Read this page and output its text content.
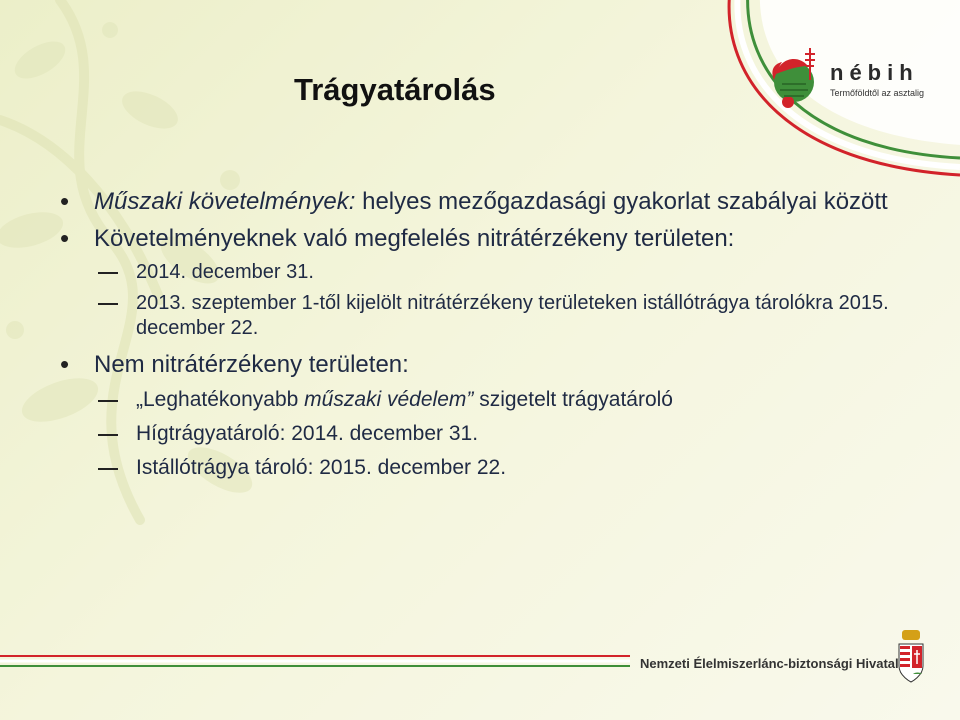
nébih
Termőföldtől az asztalig
Trágyatárolás

• Műszaki követelmények: helyes mezőgazdasági gyakorlat szabályai között

• Követelményeknek való megfelelés nitrátérzékeny területen:

2014. december 31.

2013. szeptember 1-től kijelölt nitrátérzékeny területeken istállótrágya tárolókra 2015. december 22.

• Nem nitrátérzékeny területen:

„Leghatékonyabb műszaki védelem” szigetelt trágyatároló

Hígtrágyatároló: 2014. december 31.

Istállótrágya tároló: 2015. december 22.

Nemzeti Élelmiszerlánc-biztonsági Hivatal
